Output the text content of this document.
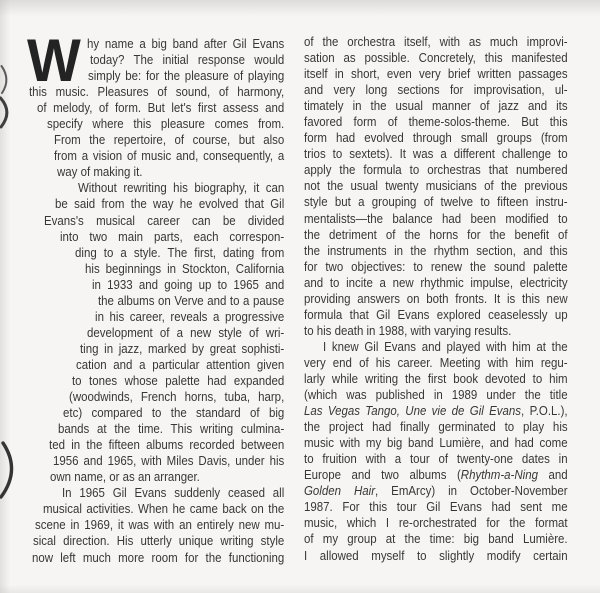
W hy name a big band after Gil Evans
today? The initial response would
simply be: for the pleasure of playing
this music. Pleasures of sound, of harmony,
of melody, of form. But let's first assess and
specify where this pleasure comes from.
From the repertoire, of course, but also
from a vision of music and, consequently, a
way of making it.
Without rewriting his biography, it can
be said from the way he evolved that Gil
Evans's musical career can be divided
into two main parts, each correspon-
ding to a style. The first, dating from
his beginnings in Stockton, California
in 1933 and going up to 1965 and
the albums on Verve and to a pause
in his career, reveals a progressive
development of a new style of wri-
ting in jazz, marked by great sophisti-
cation and a particular attention given
to tones whose palette had expanded
(woodwinds, French horns, tuba, harp,
etc) compared to the standard of big
bands at the time. This writing culmina-
ted in the fifteen albums recorded between
1956 and 1965, with Miles Davis, under his
own name, or as an arranger.
In 1965 Gil Evans suddenly ceased all
musical activities. When he came back on the
scene in 1969, it was with an entirely new mu-
sical direction. His utterly unique writing style
now left much more room for the functioning
of the orchestra itself, with as much improvi-
sation as possible. Concretely, this manifested
itself in short, even very brief written passages
and very long sections for improvisation, ul-
timately in the usual manner of jazz and its
favored form of theme-solos-theme. But this
form had evolved through small groups (from
trios to sextets). It was a different challenge to
apply the formula to orchestras that numbered
not the usual twenty musicians of the previous
style but a grouping of twelve to fifteen instru-
mentalists—the balance had been modified to
the detriment of the horns for the benefit of
the instruments in the rhythm section, and this
for two objectives: to renew the sound palette
and to incite a new rhythmic impulse, electricity
providing answers on both fronts. It is this new
formula that Gil Evans explored ceaselessly up
to his death in 1988, with varying results.
I knew Gil Evans and played with him at the
very end of his career. Meeting with him regu-
larly while writing the first book devoted to him
(which was published in 1989 under the title
Las Vegas Tango, Une vie de Gil Evans, P.O.L.),
the project had finally germinated to play his
music with my big band Lumière, and had come
to fruition with a tour of twenty-one dates in
Europe and two albums (Rhythm-a-Ning and
Golden Hair, EmArcy) in October-November
1987. For this tour Gil Evans had sent me
music, which I re-orchestrated for the format
of my group at the time: big band Lumière.
I allowed myself to slightly modify certain
